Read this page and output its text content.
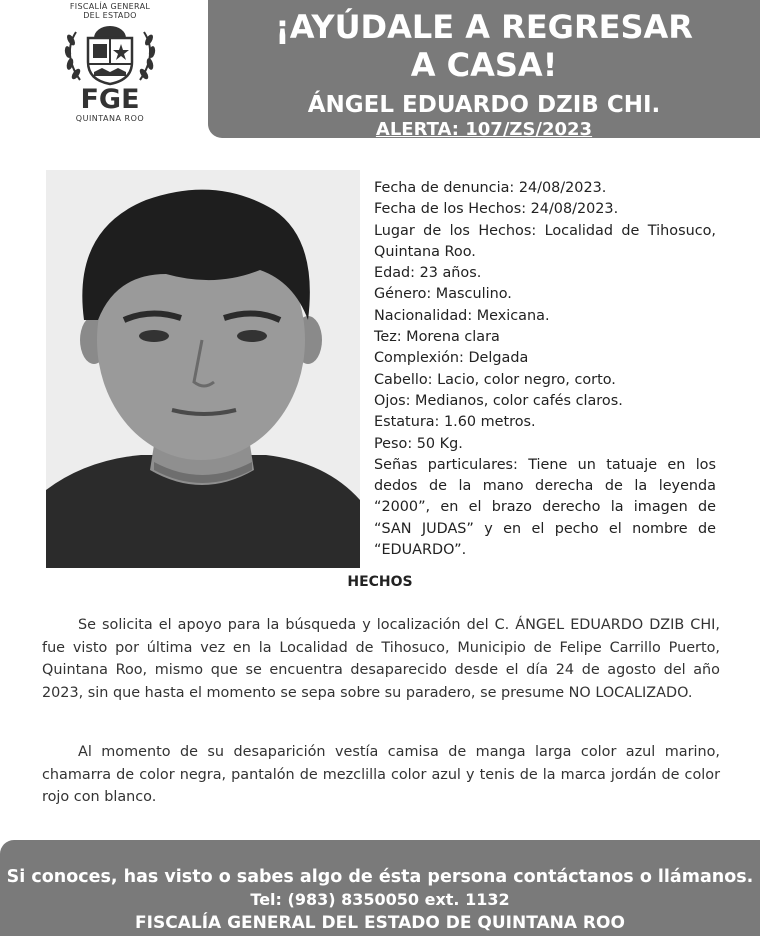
FISCALÍA GENERAL
DEL ESTADO
FGE
QUINTANA ROO
¡AYÚDALE A REGRESAR
A CASA!
ÁNGEL EDUARDO DZIB CHI.
ALERTA: 107/ZS/2023

Fecha de denuncia: 24/08/2023.

Fecha de los Hechos: 24/08/2023.

Lugar de los Hechos: Localidad de Tihosuco, Quintana Roo.

Edad: 23 años.

Género: Masculino.

Nacionalidad: Mexicana.

Tez: Morena clara

Complexión: Delgada

Cabello: Lacio, color negro, corto.

Ojos: Medianos, color cafés claros.

Estatura: 1.60 metros.

Peso: 50 Kg.

Señas particulares: Tiene un tatuaje en los dedos de la mano derecha de la leyenda “2000”, en el brazo derecho la imagen de “SAN JUDAS” y en el pecho el nombre de “EDUARDO”.

HECHOS
Se solicita el apoyo para la búsqueda y localización del C. ÁNGEL EDUARDO DZIB CHI, fue visto por última vez en la Localidad de Tihosuco, Municipio de Felipe Carrillo Puerto, Quintana Roo, mismo que se encuentra desaparecido desde el día 24 de agosto del año 2023, sin que hasta el momento se sepa sobre su paradero, se presume NO LOCALIZADO.
Al momento de su desaparición vestía camisa de manga larga color azul marino, chamarra de color negra, pantalón de mezclilla color azul y tenis de la marca jordán de color rojo con blanco.
Si conoces, has visto o sabes algo de ésta persona contáctanos o llámanos.
Tel: (983) 8350050 ext. 1132
FISCALÍA GENERAL DEL ESTADO DE QUINTANA ROO
